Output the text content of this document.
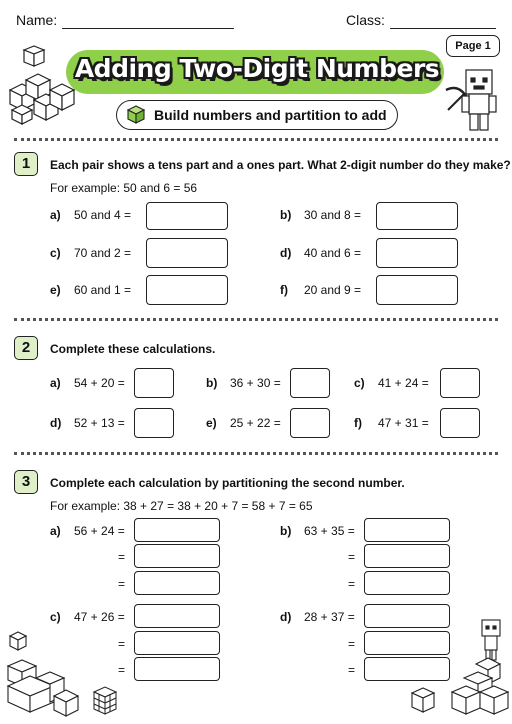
Name:	Class:
Page 1
Adding Two-Digit Numbers
Build numbers and partition to add
1	Each pair shows a tens part and a ones part. What 2-digit number do they make?
For example: 50 and 6 = 56
a) 50 and 4 =	b) 30 and 8 =
c) 70 and 2 =	d) 40 and 6 =
e) 60 and 1 =	f) 20 and 9 =
2	Complete these calculations.
a) 54 + 20 =	b) 36 + 30 =	c) 41 + 24 =
d) 52 + 13 =	e) 25 + 22 =	f) 47 + 31 =
3	Complete each calculation by partitioning the second number.
For example: 38 + 27 = 38 + 20 + 7 = 58 + 7 = 65
a) 56 + 24 =
=
=
b) 63 + 35 =
=
=
c) 47 + 26 =
=
=
d) 28 + 37 =
=
=
